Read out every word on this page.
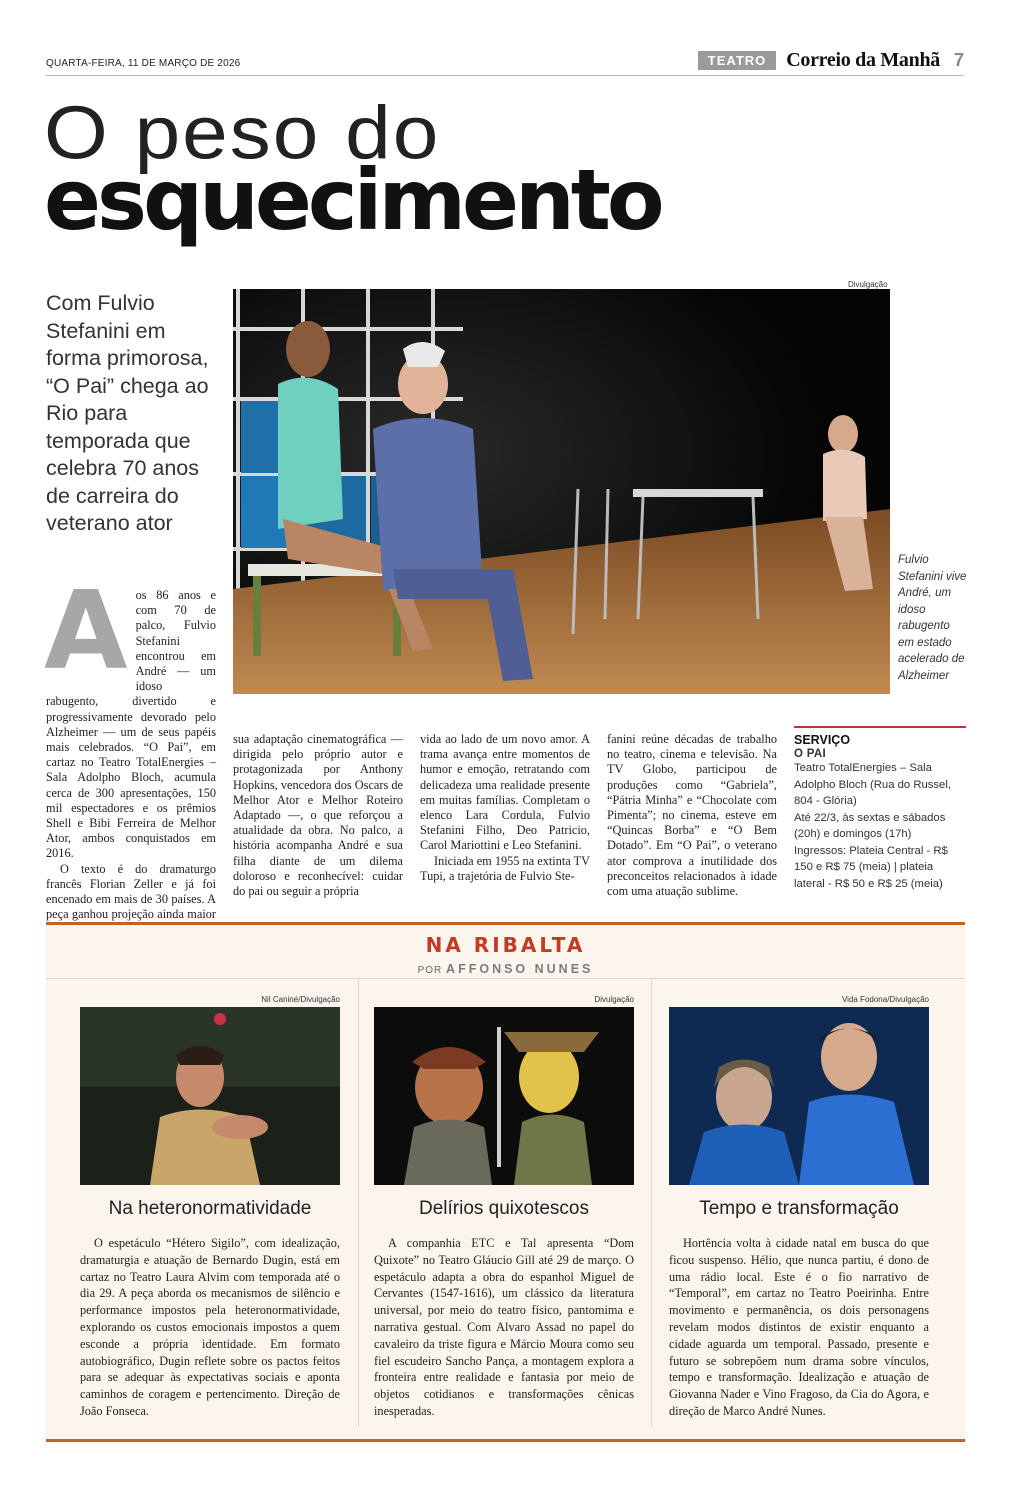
QUARTA-FEIRA, 11 DE MARÇO DE 2026	TEATRO	Correio da Manhã 7
O peso do
esquecimento
Com Fulvio Stefanini em forma primorosa, “O Pai” chega ao Rio para temporada que celebra 70 anos de carreira do veterano ator
Divulgação
Fulvio Stefanini vive André, um idoso rabugento em estado acelerado de Alzheimer

Aos 86 anos e com 70 de palco, Fulvio Stefanini encontrou em André — um idoso rabugento, divertido e progressivamente devorado pelo Alzheimer — um de seus papéis mais celebrados. “O Pai”, em cartaz no Teatro TotalEnergies – Sala Adolpho Bloch, acumula cerca de 300 apresentações, 150 mil espectadores e os prêmios Shell e Bibi Ferreira de Melhor Ator, ambos conquistados em 2016.

O texto é do dramaturgo francês Florian Zeller e já foi encenado em mais de 30 países. A peça ganhou projeção ainda maior

sua adaptação cinematográfica — dirigida pelo próprio autor e protagonizada por Anthony Hopkins, vencedora dos Oscars de Melhor Ator e Melhor Roteiro Adaptado —, o que reforçou a atualidade da obra. No palco, a história acompanha André e sua filha diante de um dilema doloroso e reconhecível: cuidar do pai ou seguir a própria

vida ao lado de um novo amor. A trama avança entre momentos de humor e emoção, retratando com delicadeza uma realidade presente em muitas famílias. Completam o elenco Lara Cordula, Fulvio Stefanini Filho, Deo Patricio, Carol Mariottini e Leo Stefanini.

Iniciada em 1955 na extinta TV Tupi, a trajetória de Fulvio Ste-

fanini reúne décadas de trabalho no teatro, cinema e televisão. Na TV Globo, participou de produções como “Gabriela”, “Pátria Minha” e “Chocolate com Pimenta”; no cinema, esteve em “Quincas Borba” e “O Bem Dotado”. Em “O Pai”, o veterano ator comprova a inutilidade dos preconceitos relacionados à idade com uma atuação sublime.

SERVIÇO
O PAI
Teatro TotalEnergies – Sala Adolpho Bloch (Rua do Russel, 804 - Glória)
Até 22/3, às sextas e sábados (20h) e domingos (17h)
Ingressos: Plateia Central - R$ 150 e R$ 75 (meia) | plateia lateral - R$ 50 e R$ 25 (meia)
NA RIBALTA
POR AFFONSO NUNES
Nil Caniné/Divulgação
Na heteronormatividade
O espetáculo “Hétero Sigilo”, com idealização, dramaturgia e atuação de Bernardo Dugin, está em cartaz no Teatro Laura Alvim com temporada até o dia 29. A peça aborda os mecanismos de silêncio e performance impostos pela heteronormatividade, explorando os custos emocionais impostos a quem esconde a própria identidade. Em formato autobiográfico, Dugin reflete sobre os pactos feitos para se adequar às expectativas sociais e aponta caminhos de coragem e pertencimento. Direção de João Fonseca.
Divulgação
Delírios quixotescos
A companhia ETC e Tal apresenta “Dom Quixote” no Teatro Gláucio Gill até 29 de março. O espetáculo adapta a obra do espanhol Miguel de Cervantes (1547-1616), um clássico da literatura universal, por meio do teatro físico, pantomima e narrativa gestual. Com Alvaro Assad no papel do cavaleiro da triste figura e Márcio Moura como seu fiel escudeiro Sancho Pança, a montagem explora a fronteira entre realidade e fantasia por meio de objetos cotidianos e transformações cênicas inesperadas.
Vida Fodona/Divulgação
Tempo e transformação
Hortência volta à cidade natal em busca do que ficou suspenso. Hélio, que nunca partiu, é dono de uma rádio local. Este é o fio narrativo de “Temporal”, em cartaz no Teatro Poeirinha. Entre movimento e permanência, os dois personagens revelam modos distintos de existir enquanto a cidade aguarda um temporal. Passado, presente e futuro se sobrepõem num drama sobre vínculos, tempo e transformação. Idealização e atuação de Giovanna Nader e Vino Fragoso, da Cia do Agora, e direção de Marco André Nunes.
